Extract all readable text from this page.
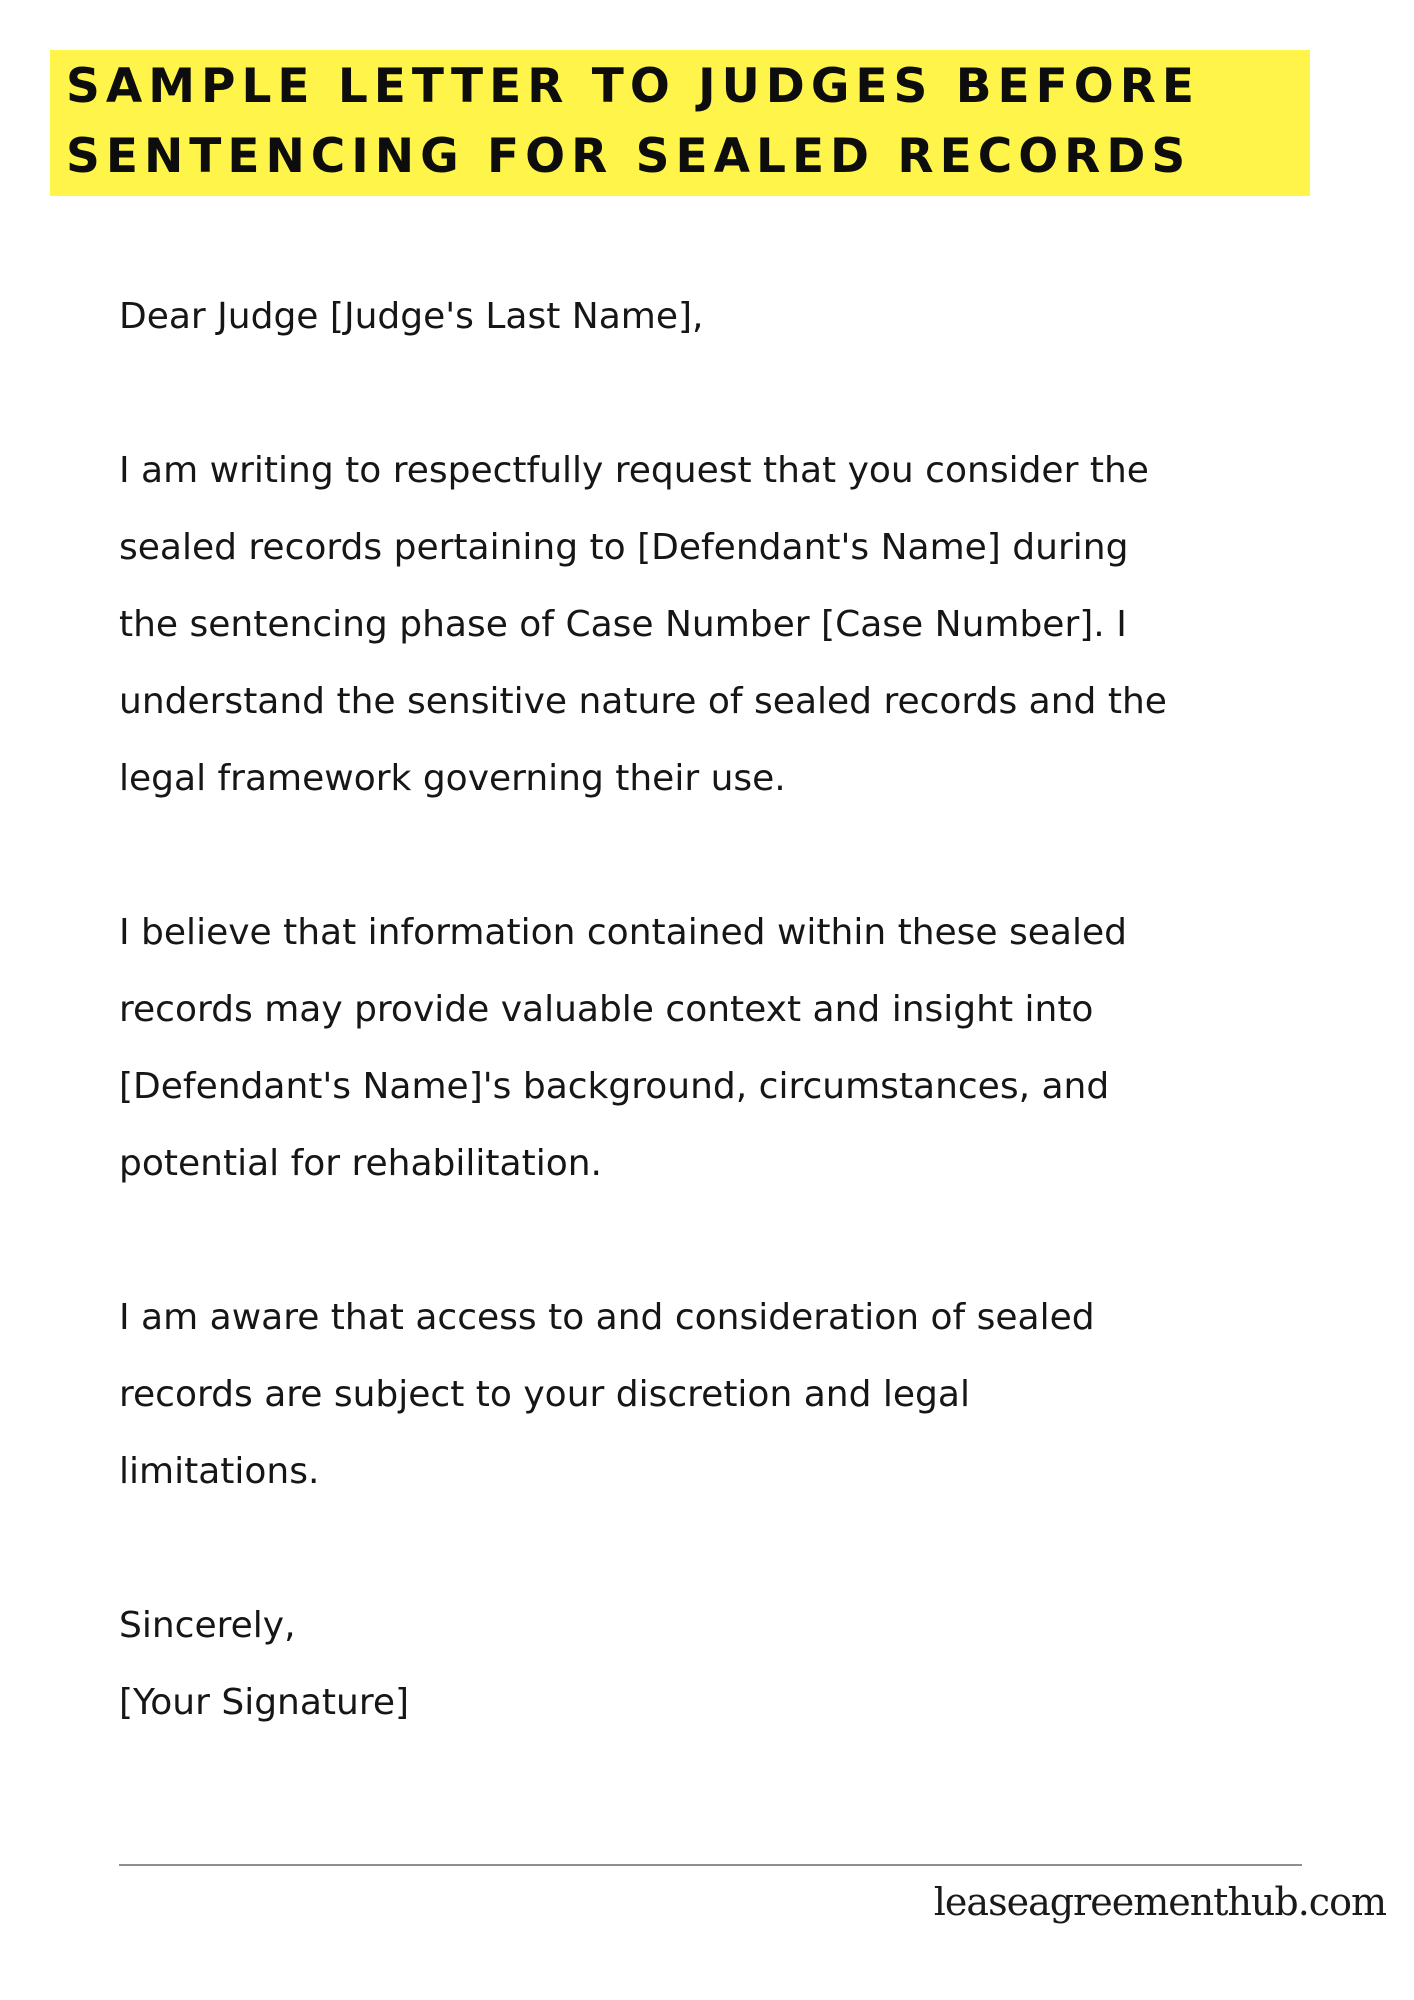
SAMPLE LETTER TO JUDGES BEFORE
SENTENCING FOR SEALED RECORDS

Dear Judge [Judge's Last Name],

I am writing to respectfully request that you consider the
sealed records pertaining to [Defendant's Name] during
the sentencing phase of Case Number [Case Number]. I
understand the sensitive nature of sealed records and the
legal framework governing their use.

I believe that information contained within these sealed
records may provide valuable context and insight into
[Defendant's Name]'s background, circumstances, and
potential for rehabilitation.

I am aware that access to and consideration of sealed
records are subject to your discretion and legal
limitations.

Sincerely,
[Your Signature]

leaseagreementhub.com
